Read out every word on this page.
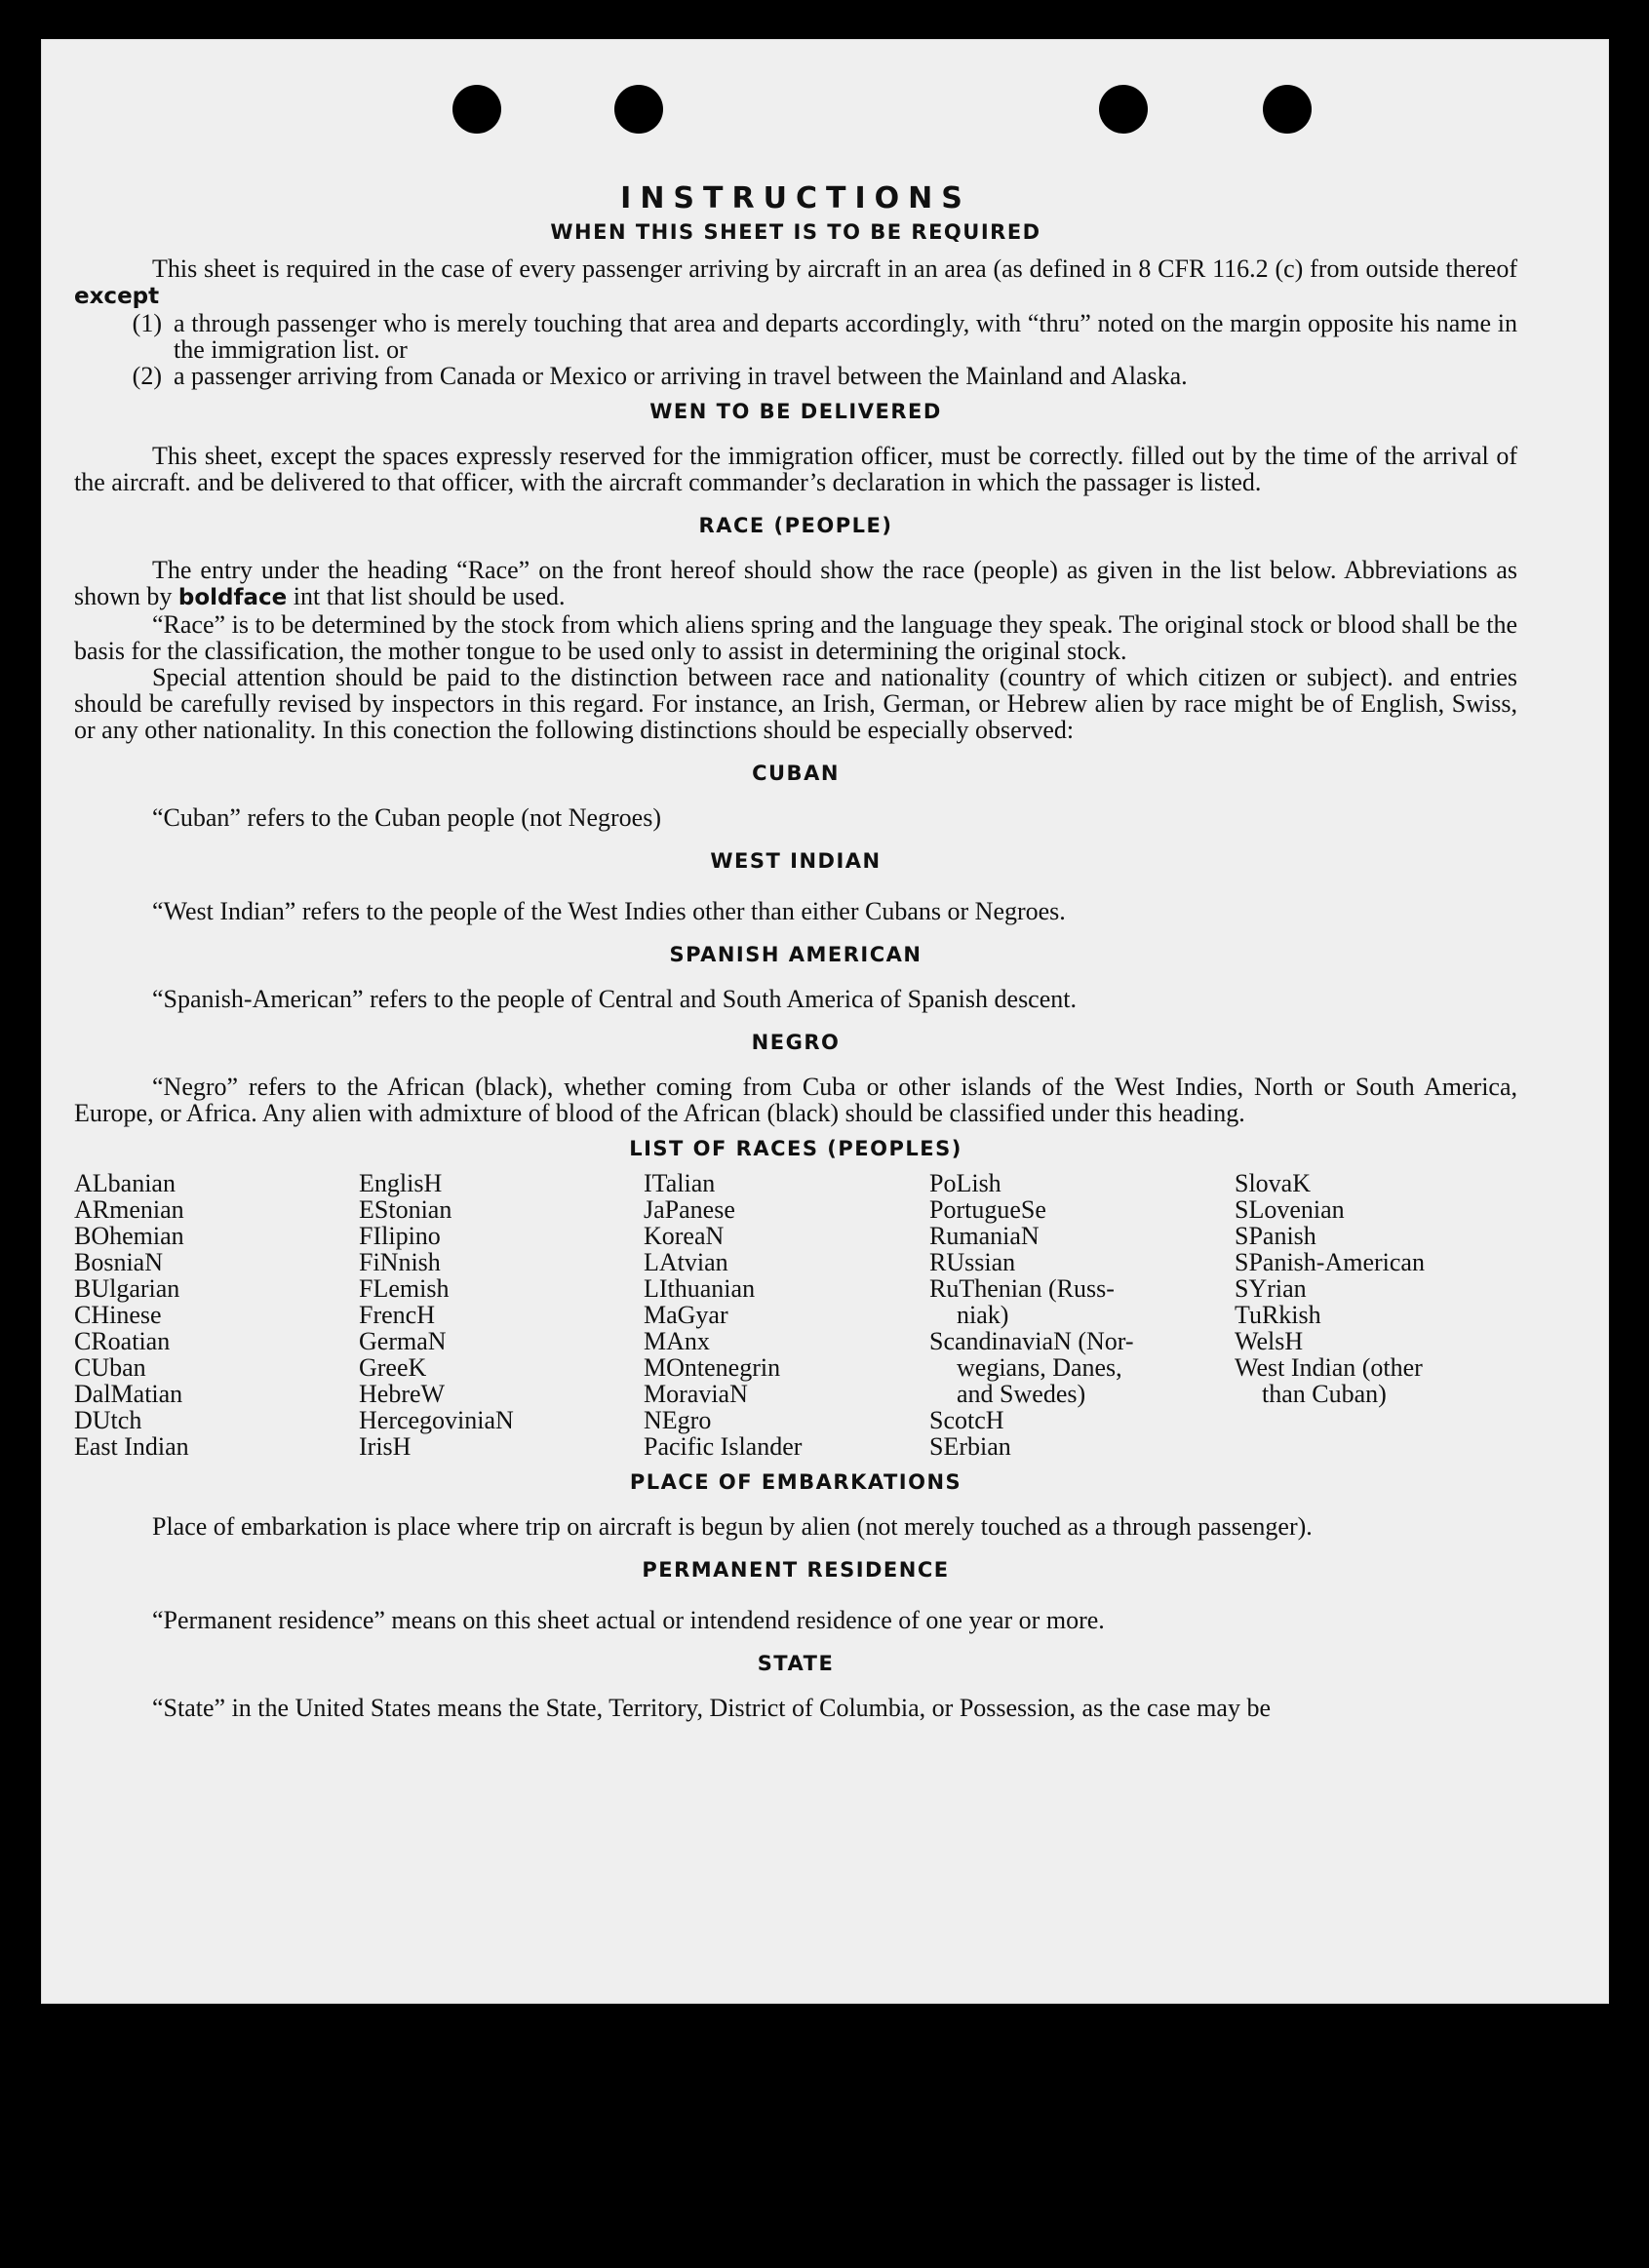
INSTRUCTIONS
WHEN THIS SHEET IS TO BE REQUIRED

This sheet is required in the case of every passenger arriving by aircraft in an area (as defined in 8 CFR 116.2 (c) from outside thereof except

(1) a through passenger who is merely touching that area and departs accordingly, with “thru” noted on the margin opposite his name in the immigration list. or
(2) a passenger arriving from Canada or Mexico or arriving in travel between the Mainland and Alaska.
WEN TO BE DELIVERED

This sheet, except the spaces expressly reserved for the immigration officer, must be correctly. filled out by the time of the arrival of the aircraft. and be delivered to that officer, with the aircraft commander’s declaration in which the passager is listed.

RACE (PEOPLE)

The entry under the heading “Race” on the front hereof should show the race (people) as given in the list below. Abbreviations as shown by boldface int that list should be used.

“Race” is to be determined by the stock from which aliens spring and the language they speak. The original stock or blood shall be the basis for the classification, the mother tongue to be used only to assist in determining the original stock.

Special attention should be paid to the distinction between race and nationality (country of which citizen or subject). and entries should be carefully revised by inspectors in this regard. For instance, an Irish, German, or Hebrew alien by race might be of English, Swiss, or any other nationality. In this conection the following distinctions should be especially observed:

CUBAN

“Cuban” refers to the Cuban people (not Negroes)

WEST INDIAN

“West Indian” refers to the people of the West Indies other than either Cubans or Negroes.

SPANISH AMERICAN

“Spanish-American” refers to the people of Central and South America of Spanish descent.

NEGRO

“Negro” refers to the African (black), whether coming from Cuba or other islands of the West Indies, North or South America, Europe, or Africa. Any alien with admixture of blood of the African (black) should be classified under this heading.

LIST OF RACES (PEOPLES)
ALbanian
ARmenian
BOhemian
BosniaN
BUlgarian
CHinese
CRoatian
CUban
DalMatian
DUtch
East Indian
EnglisH
EStonian
FIlipino
FiNnish
FLemish
FrencH
GermaN
GreeK
HebreW
HercegoviniaN
IrisH
ITalian
JaPanese
KoreaN
LAtvian
LIthuanian
MaGyar
MAnx
MOntenegrin
MoraviaN
NEgro
Pacific Islander
PoLish
PortugueSe
RumaniaN
RUssian
RuThenian (Russ-
niak)
ScandinaviaN (Nor-
wegians, Danes,
and Swedes)
ScotcH
SErbian
SlovaK
SLovenian
SPanish
SPanish-American
SYrian
TuRkish
WelsH
West Indian (other
than Cuban)
PLACE OF EMBARKATIONS

Place of embarkation is place where trip on aircraft is begun by alien (not merely touched as a through passenger).

PERMANENT RESIDENCE

“Permanent residence” means on this sheet actual or intendend residence of one year or more.

STATE

“State” in the United States means the State, Territory, District of Columbia, or Possession, as the case may be
